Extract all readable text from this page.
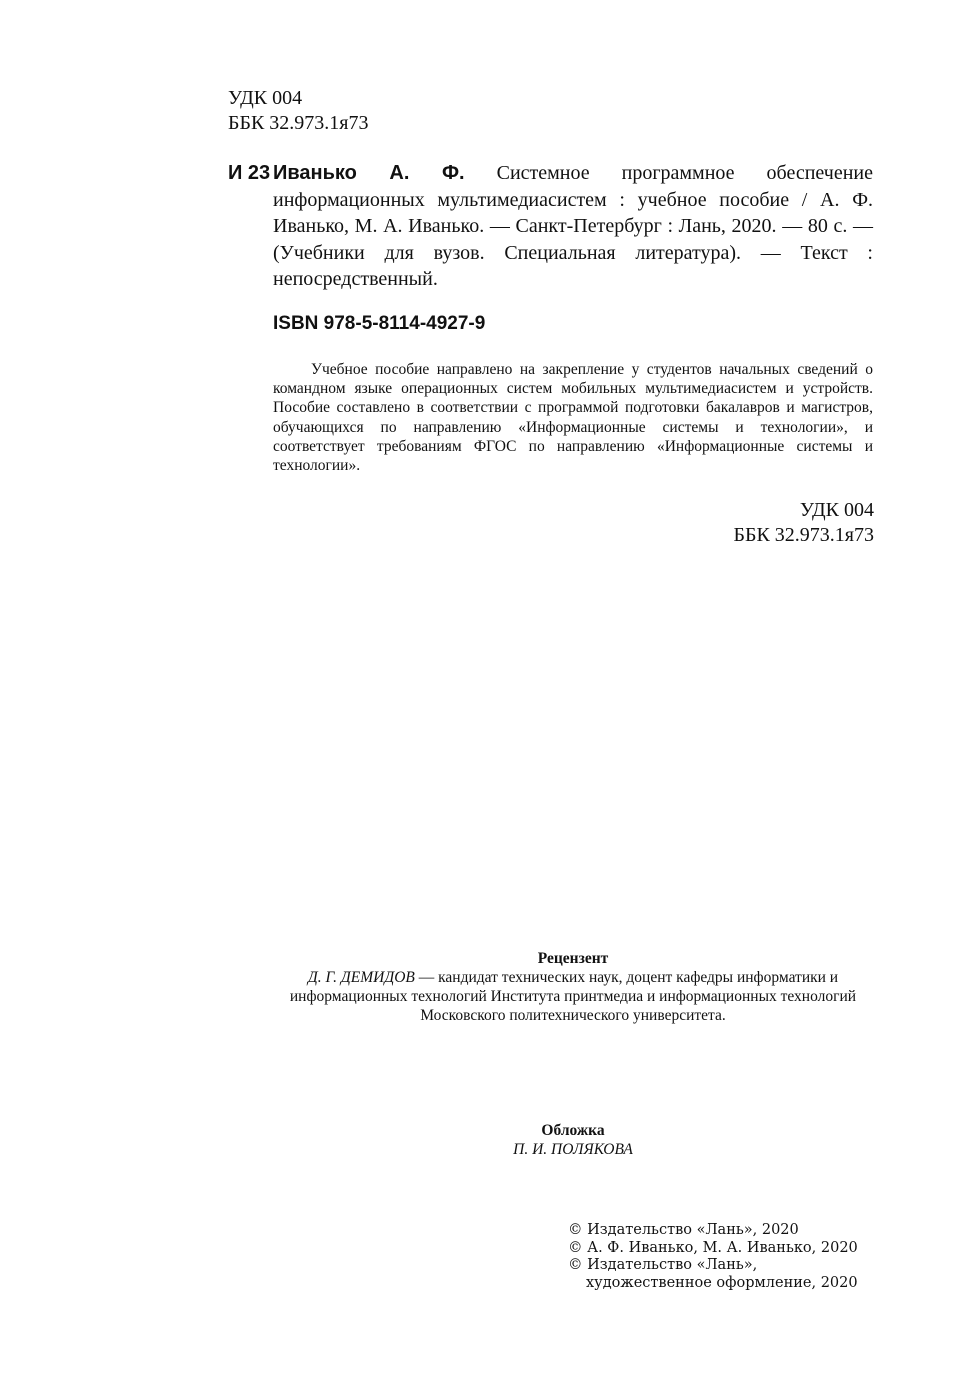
УДК 004
ББК 32.973.1я73
И 23 Иванько А. Ф. Системное программное обеспечение информационных мультимедиасистем : учебное пособие / А. Ф. Иванько, М. А. Иванько. — Санкт-Петербург : Лань, 2020. — 80 с. — (Учебники для вузов. Специальная литература). — Текст : непосредственный.
ISBN 978-5-8114-4927-9
Учебное пособие направлено на закрепление у студентов начальных сведений о командном языке операционных систем мобильных мультимедиасистем и устройств. Пособие составлено в соответствии с программой подготовки бакалавров и магистров, обучающихся по направлению «Информационные системы и технологии», и соответствует требованиям ФГОС по направлению «Информационные системы и технологии».
УДК 004
ББК 32.973.1я73
Рецензент
Д. Г. ДЕМИДОВ — кандидат технических наук, доцент кафедры информатики и информационных технологий Института принтмедиа и информационных технологий Московского политехнического университета.
Обложка
П. И. ПОЛЯКОВА
© Издательство «Лань», 2020
© А. Ф. Иванько, М. А. Иванько, 2020
© Издательство «Лань»,
художественное оформление, 2020
